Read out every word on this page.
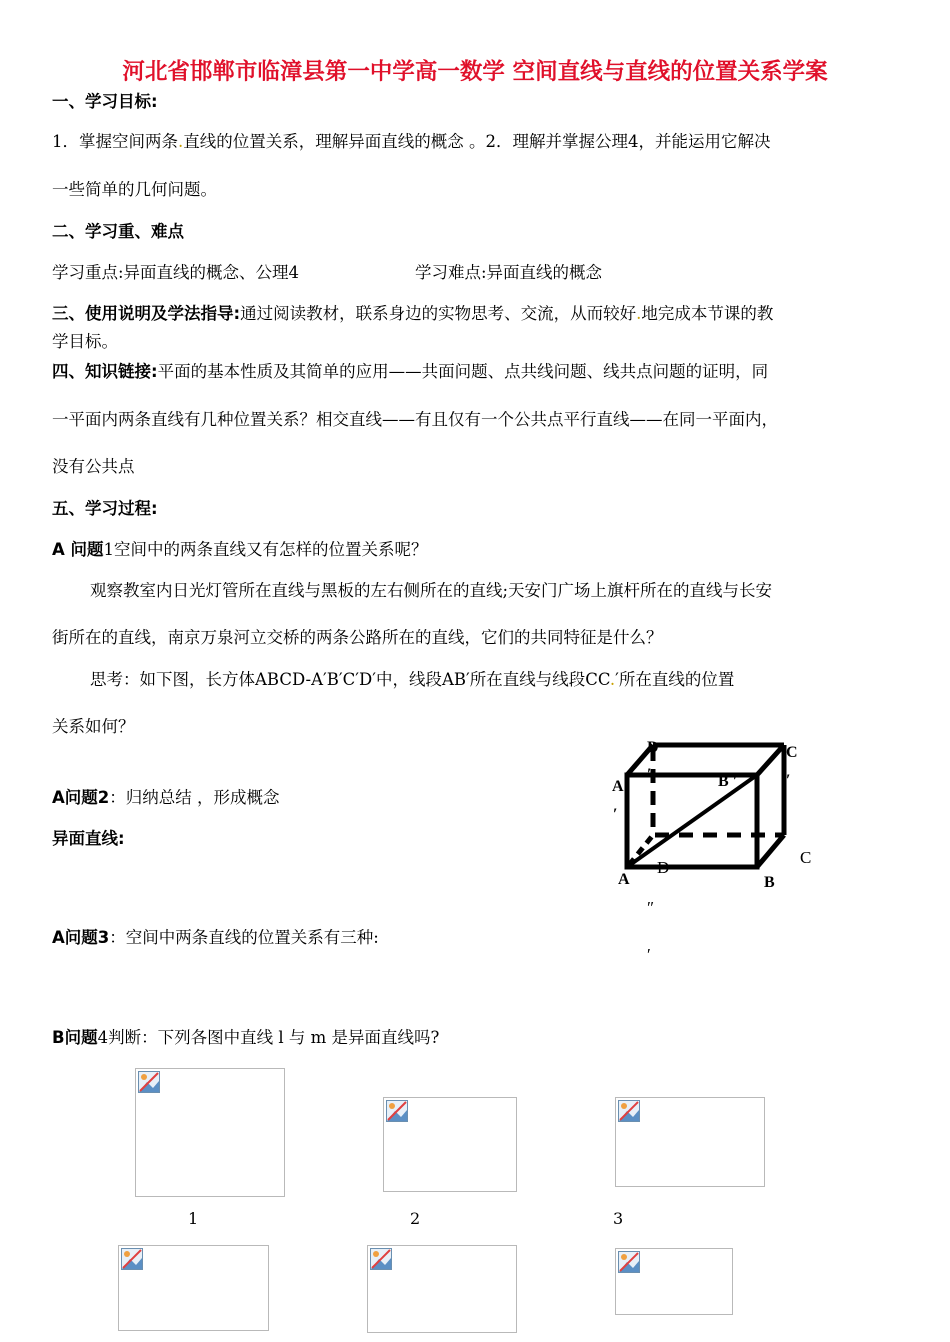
河北省邯郸市临漳县第一中学高一数学 空间直线与直线的位置关系学案
一、学习目标:
1．掌握空间两条.直线的位置关系，理解异面直线的概念 。2．理解并掌握公理4，并能运用它解决
一些简单的几何问题。
二、学习重、难点
学习重点:异面直线的概念、公理4	学习难点:异面直线的概念
三、使用说明及学法指导:通过阅读教材，联系身边的实物思考、交流，从而较好.地完成本节课的教
学目标。
四、知识链接:平面的基本性质及其简单的应用——共面问题、点共线问题、线共点问题的证明，同
一平面内两条直线有几种位置关系？相交直线——有且仅有一个公共点平行直线——在同一平面内，
没有公共点
五、学习过程:
A 问题1空间中的两条直线又有怎样的位置关系呢？
观察教室内日光灯管所在直线与黑板的左右侧所在的直线;天安门广场上旗杆所在的直线与长安
街所在的直线，南京万泉河立交桥的两条公路所在的直线，它们的共同特征是什么？
思考：如下图，长方体ABCD-A′B′C′D′中，线段AB′所在直线与线段CC.′所在直线的位置
关系如何？
A问题2：归纳总结 ，形成概念
异面直线:
A问题3：空间中两条直线的位置关系有三种:
B问题4判断：下列各图中直线 l 与 m 是异面直线吗?
D	C
A	B
′	′
′
′
D
C
A	B
″
′
1	2	3
